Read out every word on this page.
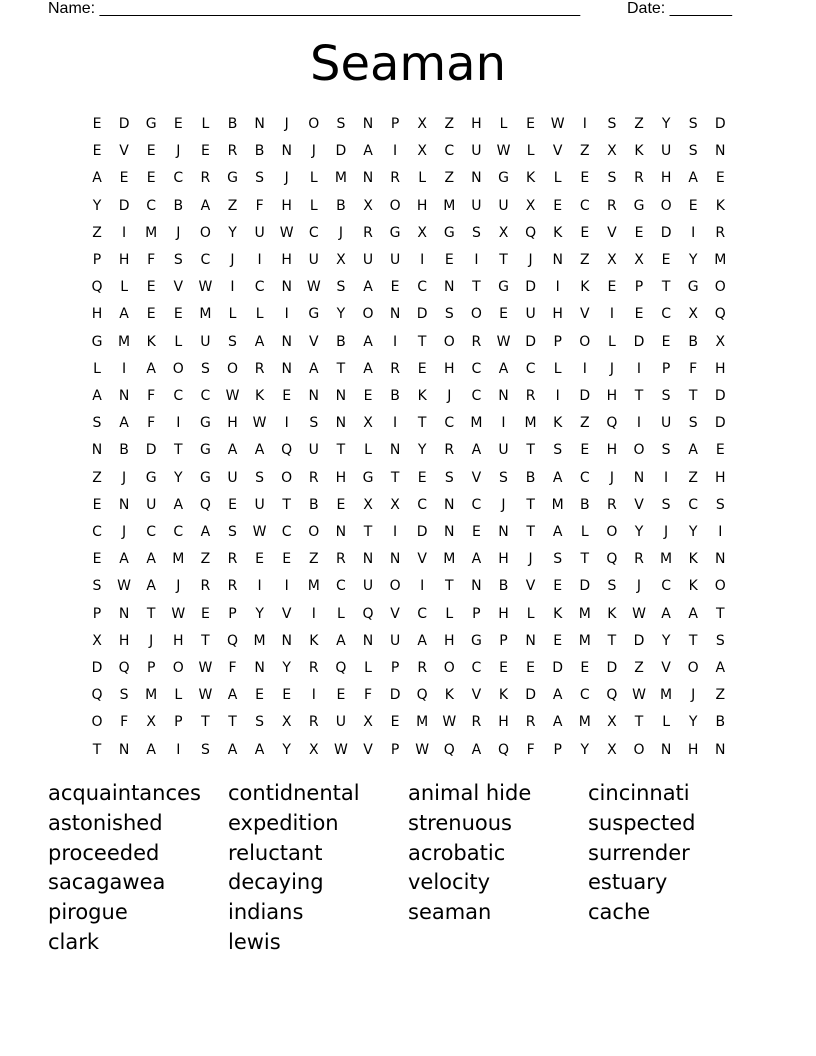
Name: ______________________________________________________	Date: _______
Seaman
E	D	G	E	L	B	N	J	O	S	N	P	X	Z	H	L	E	W	I	S	Z	Y	S	D
E	V	E	J	E	R	B	N	J	D	A	I	X	C	U	W	L	V	Z	X	K	U	S	N
A	E	E	C	R	G	S	J	L	M	N	R	L	Z	N	G	K	L	E	S	R	H	A	E
Y	D	C	B	A	Z	F	H	L	B	X	O	H	M	U	U	X	E	C	R	G	O	E	K
Z	I	M	J	O	Y	U	W	C	J	R	G	X	G	S	X	Q	K	E	V	E	D	I	R
P	H	F	S	C	J	I	H	U	X	U	U	I	E	I	T	J	N	Z	X	X	E	Y	M
Q	L	E	V	W	I	C	N	W	S	A	E	C	N	T	G	D	I	K	E	P	T	G	O
H	A	E	E	M	L	L	I	G	Y	O	N	D	S	O	E	U	H	V	I	E	C	X	Q
G	M	K	L	U	S	A	N	V	B	A	I	T	O	R	W	D	P	O	L	D	E	B	X
L	I	A	O	S	O	R	N	A	T	A	R	E	H	C	A	C	L	I	J	I	P	F	H
A	N	F	C	C	W	K	E	N	N	E	B	K	J	C	N	R	I	D	H	T	S	T	D
S	A	F	I	G	H	W	I	S	N	X	I	T	C	M	I	M	K	Z	Q	I	U	S	D
N	B	D	T	G	A	A	Q	U	T	L	N	Y	R	A	U	T	S	E	H	O	S	A	E
Z	J	G	Y	G	U	S	O	R	H	G	T	E	S	V	S	B	A	C	J	N	I	Z	H
E	N	U	A	Q	E	U	T	B	E	X	X	C	N	C	J	T	M	B	R	V	S	C	S
C	J	C	C	A	S	W	C	O	N	T	I	D	N	E	N	T	A	L	O	Y	J	Y	I
E	A	A	M	Z	R	E	E	Z	R	N	N	V	M	A	H	J	S	T	Q	R	M	K	N
S	W	A	J	R	R	I	I	M	C	U	O	I	T	N	B	V	E	D	S	J	C	K	O
P	N	T	W	E	P	Y	V	I	L	Q	V	C	L	P	H	L	K	M	K	W	A	A	T
X	H	J	H	T	Q	M	N	K	A	N	U	A	H	G	P	N	E	M	T	D	Y	T	S
D	Q	P	O	W	F	N	Y	R	Q	L	P	R	O	C	E	E	D	E	D	Z	V	O	A
Q	S	M	L	W	A	E	E	I	E	F	D	Q	K	V	K	D	A	C	Q	W M	J	Z
O	F	X	P	T	T	S	X	R	U	X	E	M W	R	H	R	A	M	X	T	L	Y	B
T	N	A	I	S	A	A	Y	X	W	V	P	W	Q	A	Q	F	P	Y	X	O	N	H	N
acquaintances
astonished
proceeded
sacagawea
pirogue
clark
contidnental
expedition
reluctant
decaying
indians
lewis
animal hide
strenuous
acrobatic
velocity
seaman
cincinnati
suspected
surrender
estuary
cache
